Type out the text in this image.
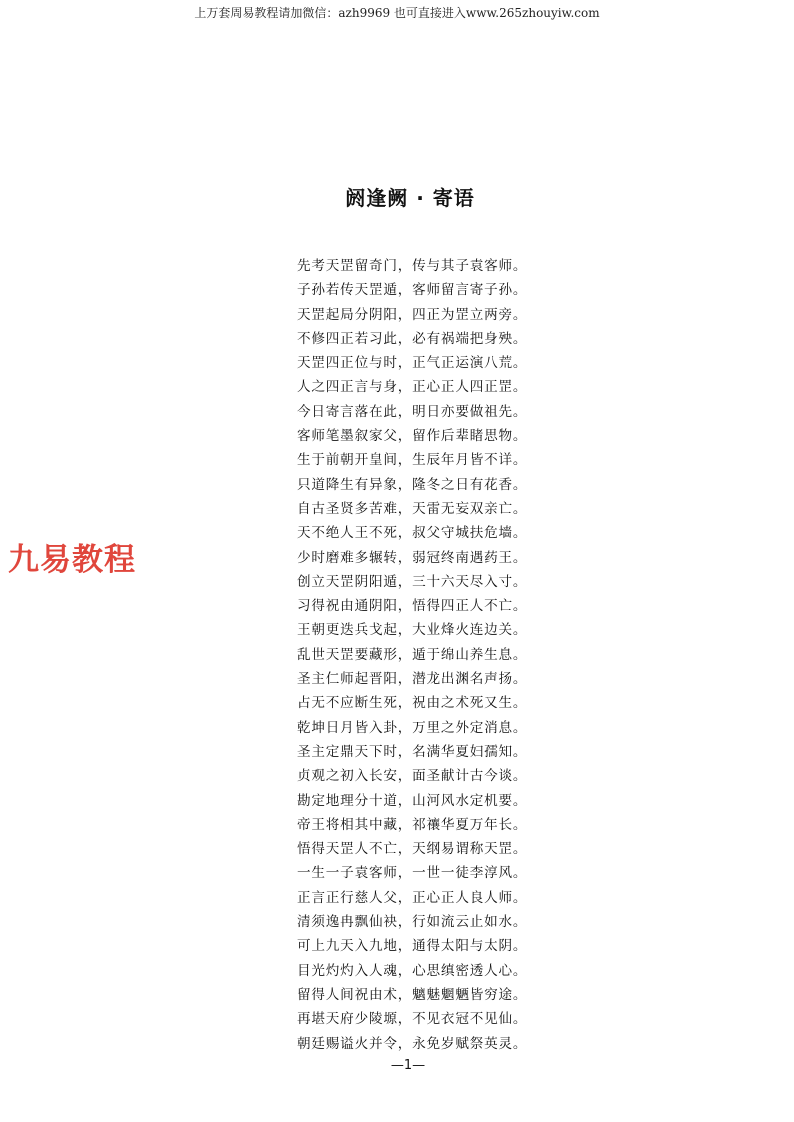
上万套周易教程请加微信：azh9969 也可直接进入www.265zhouyiw.com
阏逢阙 · 寄语
九易教程
先考天罡留奇门，传与其子袁客师。
子孙若传天罡遁，客师留言寄子孙。
天罡起局分阴阳，四正为罡立两旁。
不修四正若习此，必有祸端把身殃。
天罡四正位与时，正气正运演八荒。
人之四正言与身，正心正人四正罡。
今日寄言落在此，明日亦要做祖先。
客师笔墨叙家父，留作后辈睹思物。
生于前朝开皇间，生辰年月皆不详。
只道降生有异象，隆冬之日有花香。
自古圣贤多苦难，天雷无妄双亲亡。
天不绝人王不死，叔父守城扶危墙。
少时磨难多辗转，弱冠终南遇药王。
创立天罡阴阳遁，三十六天尽入寸。
习得祝由通阴阳，悟得四正人不亡。
王朝更迭兵戈起，大业烽火连边关。
乱世天罡要藏形，遁于绵山养生息。
圣主仁师起晋阳，潜龙出渊名声扬。
占无不应断生死，祝由之术死又生。
乾坤日月皆入卦，万里之外定消息。
圣主定鼎天下时，名满华夏妇孺知。
贞观之初入长安，面圣献计古今谈。
勘定地理分十道，山河风水定机要。
帝王将相其中藏，祁禳华夏万年长。
悟得天罡人不亡，天纲易谓称天罡。
一生一子袁客师，一世一徒李淳风。
正言正行慈人父，正心正人良人师。
清须逸冉飘仙袂，行如流云止如水。
可上九天入九地，通得太阳与太阴。
目光灼灼入人魂，心思缜密透人心。
留得人间祝由术，魑魅魍魉皆穷途。
再堪天府少陵塬，不见衣冠不见仙。
朝廷赐谥火并令，永免岁赋祭英灵。
—1—
